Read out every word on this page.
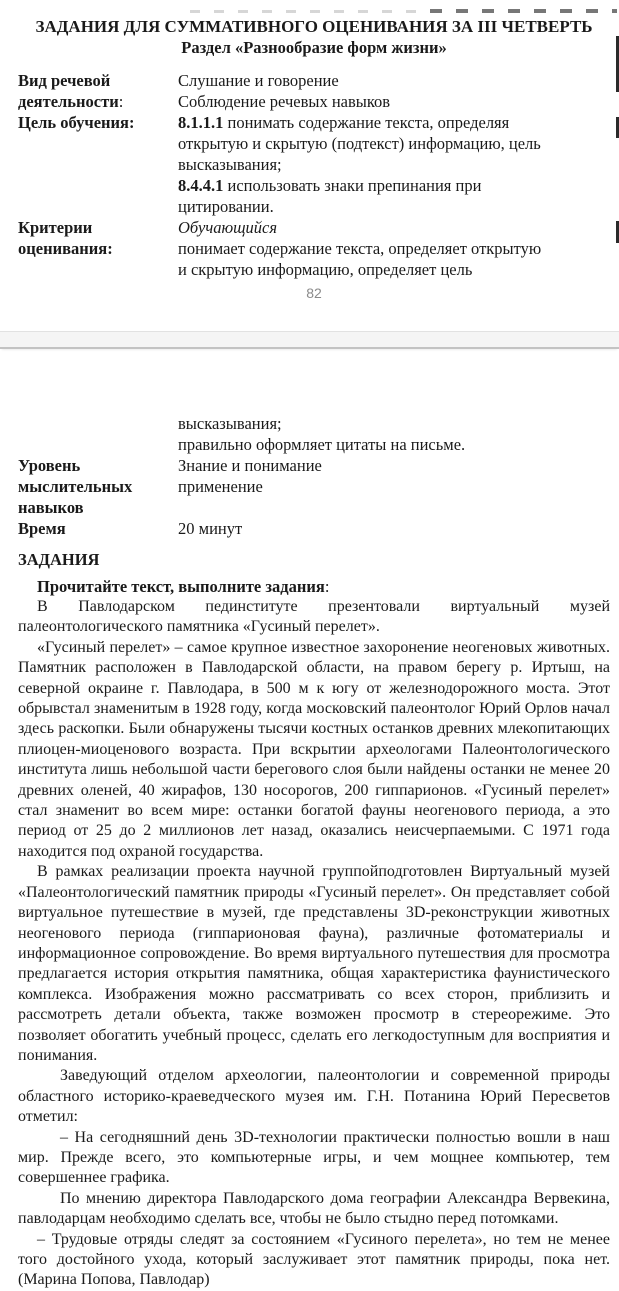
ЗАДАНИЯ ДЛЯ СУММАТИВНОГО ОЦЕНИВАНИЯ ЗА III ЧЕТВЕРТЬ
Раздел «Разнообразие форм жизни»
Вид речевой
деятельности:
Слушание и говорение
Соблюдение речевых навыков
Цель обучения:	8.1.1.1 понимать содержание текста, определяя
открытую и скрытую (подтекст) информацию, цель
высказывания;
8.4.4.1 использовать знаки препинания при
цитировании.
Критерии
оценивания:
Обучающийся
понимает содержание текста, определяет открытую
и скрытую информацию, определяет цель
82
высказывания;
правильно оформляет цитаты на письме.
Уровень
мыслительных
навыков
Знание и понимание
применение
Время	20 минут
ЗАДАНИЯ
Прочитайте текст, выполните задания:

В Павлодарском пединституте презентовали виртуальный музей палеонтологического памятника «Гусиный перелет».

«Гусиный перелет» – самое крупное известное захоронение неогеновых животных. Памятник расположен в Павлодарской области, на правом берегу р. Иртыш, на северной окраине г. Павлодара, в 500 м к югу от железнодорожного моста. Этот обрывстал знаменитым в 1928 году, когда московский палеонтолог Юрий Орлов начал здесь раскопки. Были обнаружены тысячи костных останков древних млекопитающих плиоцен-миоценового возраста. При вскрытии археологами Палеонтологического института лишь небольшой части берегового слоя были найдены останки не менее 20 древних оленей, 40 жирафов, 130 носорогов, 200 гиппарионов. «Гусиный перелет» стал знаменит во всем мире: останки богатой фауны неогенового периода, а это период от 25 до 2 миллионов лет назад, оказались неисчерпаемыми. С 1971 года находится под охраной государства.

В рамках реализации проекта научной группойподготовлен Виртуальный музей «Палеонтологический памятник природы «Гусиный перелет». Он представляет собой виртуальное путешествие в музей, где представлены 3D-реконструкции животных неогенового периода (гиппарионовая фауна), различные фотоматериалы и информационное сопровождение. Во время виртуального путешествия для просмотра предлагается история открытия памятника, общая характеристика фаунистического комплекса. Изображения можно рассматривать со всех сторон, приблизить и рассмотреть детали объекта, также возможен просмотр в стереорежиме. Это позволяет обогатить учебный процесс, сделать его легкодоступным для восприятия и понимания.

Заведующий отделом археологии, палеонтологии и современной природы областного историко-краеведческого музея им. Г.Н. Потанина Юрий Пересветов отметил:

– На сегодняшний день 3D-технологии практически полностью вошли в наш мир. Прежде всего, это компьютерные игры, и чем мощнее компьютер, тем совершеннее графика.

По мнению директора Павлодарского дома географии Александра Вервекина, павлодарцам необходимо сделать все, чтобы не было стыдно перед потомками.

– Трудовые отряды следят за состоянием «Гусиного перелета», но тем не менее того достойного ухода, который заслуживает этот памятник природы, пока нет. (Марина Попова, Павлодар)
